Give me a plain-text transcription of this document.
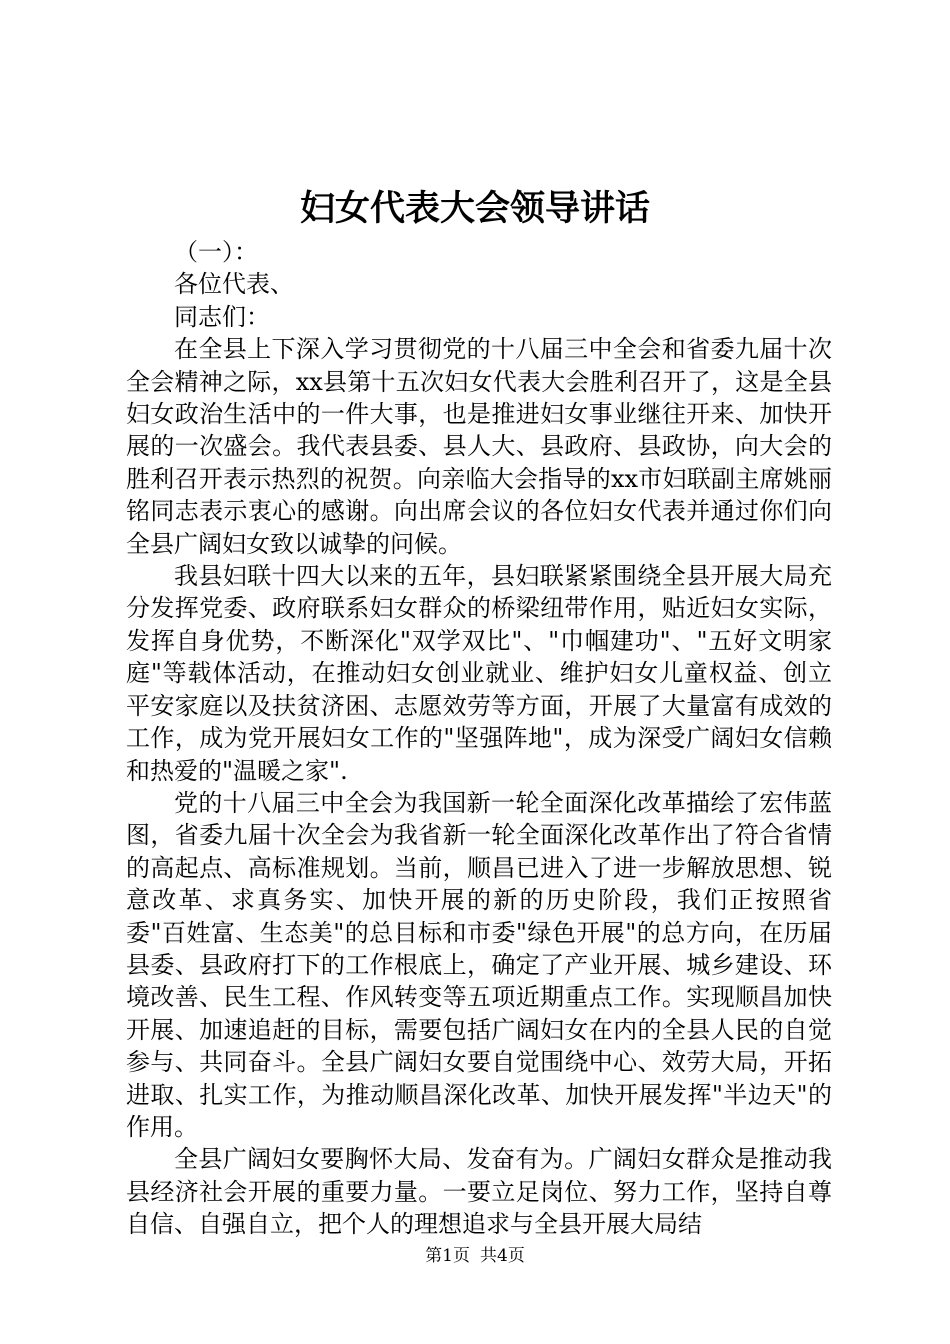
妇女代表大会领导讲话

（一）：

各位代表、

同志们：

在全县上下深入学习贯彻党的十八届三中全会和省委九届十次全会精神之际，xx县第十五次妇女代表大会胜利召开了，这是全县妇女政治生活中的一件大事，也是推进妇女事业继往开来、加快开展的一次盛会。我代表县委、县人大、县政府、县政协，向大会的胜利召开表示热烈的祝贺。向亲临大会指导的xx市妇联副主席姚丽铭同志表示衷心的感谢。向出席会议的各位妇女代表并通过你们向全县广阔妇女致以诚挚的问候。

我县妇联十四大以来的五年，县妇联紧紧围绕全县开展大局充分发挥党委、政府联系妇女群众的桥梁纽带作用，贴近妇女实际，发挥自身优势，不断深化"双学双比"、"巾帼建功"、"五好文明家庭"等载体活动，在推动妇女创业就业、维护妇女儿童权益、创立平安家庭以及扶贫济困、志愿效劳等方面，开展了大量富有成效的工作，成为党开展妇女工作的"坚强阵地"，成为深受广阔妇女信赖和热爱的"温暖之家".

党的十八届三中全会为我国新一轮全面深化改革描绘了宏伟蓝图，省委九届十次全会为我省新一轮全面深化改革作出了符合省情的高起点、高标准规划。当前，顺昌已进入了进一步解放思想、锐意改革、求真务实、加快开展的新的历史阶段，我们正按照省委"百姓富、生态美"的总目标和市委"绿色开展"的总方向，在历届县委、县政府打下的工作根底上，确定了产业开展、城乡建设、环境改善、民生工程、作风转变等五项近期重点工作。实现顺昌加快开展、加速追赶的目标，需要包括广阔妇女在内的全县人民的自觉参与、共同奋斗。全县广阔妇女要自觉围绕中心、效劳大局，开拓进取、扎实工作，为推动顺昌深化改革、加快开展发挥"半边天"的作用。

全县广阔妇女要胸怀大局、发奋有为。广阔妇女群众是推动我县经济社会开展的重要力量。一要立足岗位、努力工作，坚持自尊自信、自强自立，把个人的理想追求与全县开展大局结

第1页 共4页
